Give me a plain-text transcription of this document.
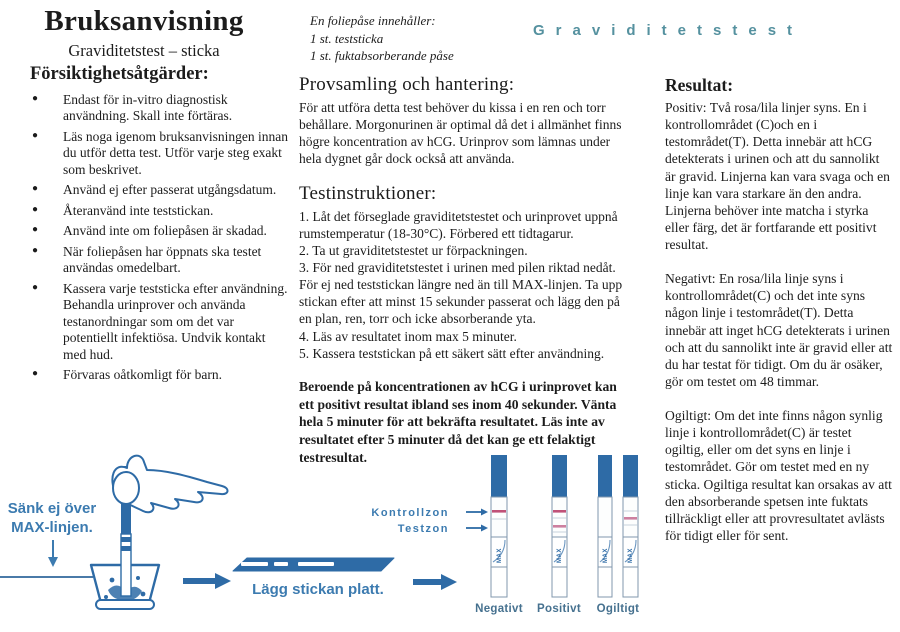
Bruksanvisning
Graviditetstest – sticka
En foliepåse innehåller:
1 st. teststicka
1 st. fuktabsorberande påse
Graviditetstest
Försiktighetsåtgärder:
● Endast för in-vitro diagnostisk användning. Skall inte förtäras.
● Läs noga igenom bruksanvisningen innan du utför detta test. Utför varje steg exakt som beskrivet.
● Använd ej efter passerat utgångsdatum.
● Återanvänd inte teststickan.
● Använd inte om foliepåsen är skadad.
● När foliepåsen har öppnats ska testet användas omedelbart.
● Kassera varje teststicka efter användning. Behandla urinprover och använda testanordningar som om det var potentiellt infektiösa. Undvik kontakt med hud.
● Förvaras oåtkomligt för barn.
Provsamling och hantering:

För att utföra detta test behöver du kissa i en ren och torr behållare. Morgonurinen är optimal då det i allmänhet finns högre koncentration av hCG. Urinprov som lämnas under hela dygnet går dock också att använda.

Testinstruktioner:

1. Låt det förseglade graviditetstestet och urinprovet uppnå rumstemperatur (18-30°C). Förbered ett tidtagarur.

2. Ta ut graviditetstestet ur förpackningen.

3. För ned graviditetstestet i urinen med pilen riktad nedåt. För ej ned teststickan längre ned än till MAX-linjen. Ta upp stickan efter att minst 15 sekunder passerat och lägg den på en plan, ren, torr och icke absorberande yta.

4. Läs av resultatet inom max 5 minuter.

5. Kassera teststickan på ett säkert sätt efter användning.

Beroende på koncentrationen av hCG i urinprovet kan ett positivt resultat ibland ses inom 40 sekunder. Vänta hela 5 minuter för att bekräfta resultatet. Läs inte av resultatet efter 5 minuter då det kan ge ett felaktigt testresultat.

Resultat:

Positiv: Två rosa/lila linjer syns. En i kontrollområdet (C)och en i testområdet(T). Detta innebär att hCG detekterats i urinen och att du sannolikt är gravid. Linjerna kan vara svaga och en linje kan vara starkare än den andra. Linjerna behöver inte matcha i styrka eller färg, det är fortfarande ett positivt resultat.

Negativt: En rosa/lila linje syns i kontrollområdet(C) och det inte syns någon linje i testområdet(T). Detta innebär att inget hCG detekterats i urinen och att du sannolikt inte är gravid eller att du har testat för tidigt. Om du är osäker, gör om testet om 48 timmar.

Ogiltigt: Om det inte finns någon synlig linje i kontrollområdet(C) är testet ogiltig, eller om det syns en linje i testområdet. Gör om testet med en ny sticka. Ogiltiga resultat kan orsakas av att den absorberande spetsen inte fuktats tillräckligt eller att provresultatet avlästs för tidigt eller för sent.

Sänk ej över
MAX-linjen.
Lägg stickan platt.
Kontrollzon
Testzon
MAX	MAX	MAX	MAX
Negativt Positivt Ogiltigt
